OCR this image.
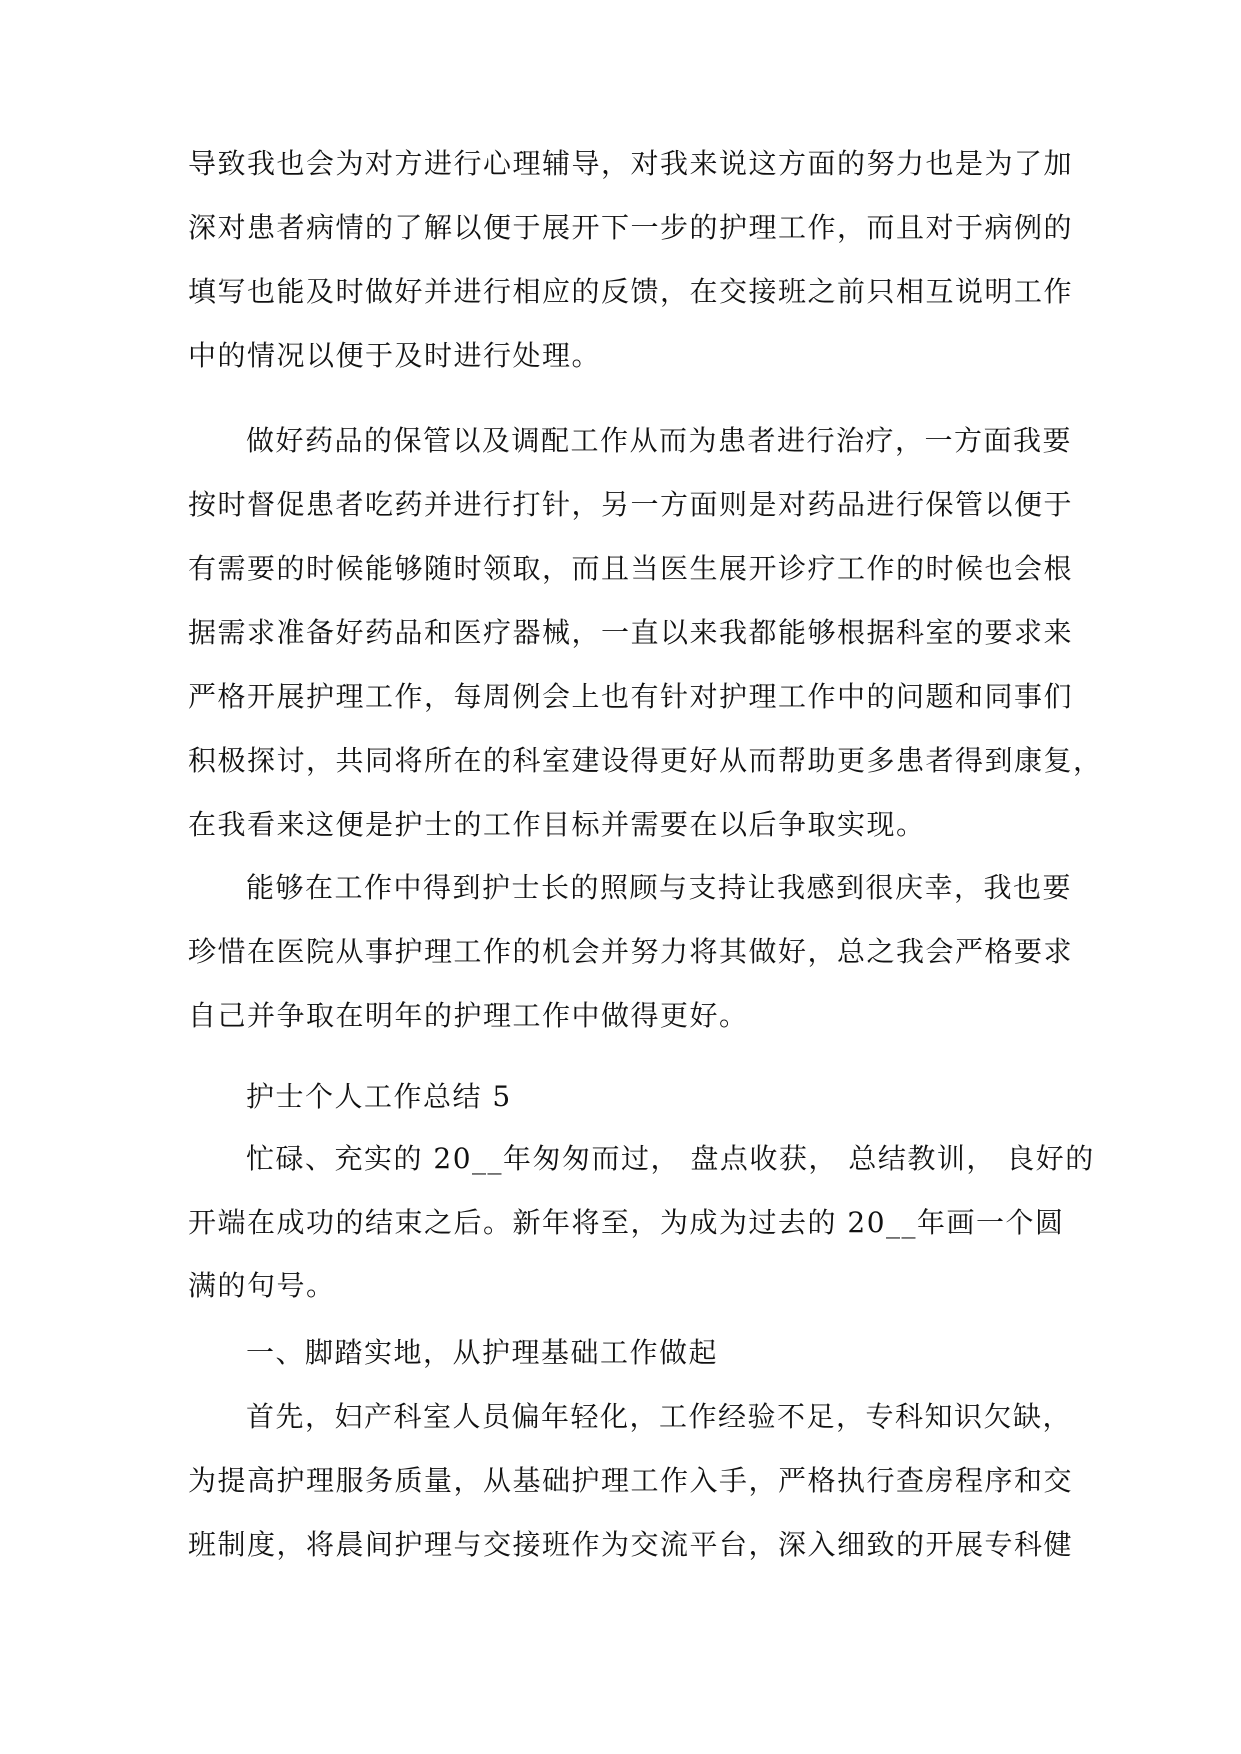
导致我也会为对方进行心理辅导，对我来说这方面的努力也是为了加
深对患者病情的了解以便于展开下一步的护理工作，而且对于病例的
填写也能及时做好并进行相应的反馈，在交接班之前只相互说明工作
中的情况以便于及时进行处理。
做好药品的保管以及调配工作从而为患者进行治疗，一方面我要
按时督促患者吃药并进行打针，另一方面则是对药品进行保管以便于
有需要的时候能够随时领取，而且当医生展开诊疗工作的时候也会根
据需求准备好药品和医疗器械，一直以来我都能够根据科室的要求来
严格开展护理工作，每周例会上也有针对护理工作中的问题和同事们
积极探讨，共同将所在的科室建设得更好从而帮助更多患者得到康复，
在我看来这便是护士的工作目标并需要在以后争取实现。
能够在工作中得到护士长的照顾与支持让我感到很庆幸，我也要
珍惜在医院从事护理工作的机会并努力将其做好，总之我会严格要求
自己并争取在明年的护理工作中做得更好。
护士个人工作总结 5
忙碌、充实的 20__年匆匆而过， 盘点收获， 总结教训， 良好的
开端在成功的结束之后。新年将至，为成为过去的 20__年画一个圆
满的句号。
一、脚踏实地，从护理基础工作做起
首先，妇产科室人员偏年轻化，工作经验不足，专科知识欠缺，
为提高护理服务质量，从基础护理工作入手，严格执行查房程序和交
班制度，将晨间护理与交接班作为交流平台，深入细致的开展专科健
